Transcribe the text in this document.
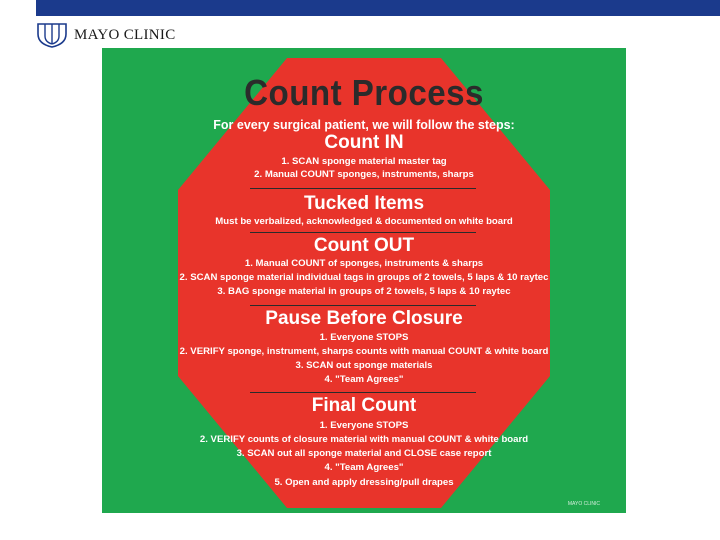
MAYO CLINIC
Count Process
For every surgical patient, we will follow the steps:
Count IN
1. SCAN sponge material master tag
2. Manual COUNT sponges, instruments, sharps
Tucked Items
Must be verbalized, acknowledged & documented on white board
Count OUT
1. Manual COUNT of sponges, instruments & sharps
2. SCAN sponge material individual tags in groups of 2 towels, 5 laps & 10 raytec
3. BAG sponge material in groups of 2 towels, 5 laps & 10 raytec
Pause Before Closure
1. Everyone STOPS
2. VERIFY sponge, instrument, sharps counts with manual COUNT & white board
3. SCAN out sponge materials
4. "Team Agrees"
Final Count
1. Everyone STOPS
2. VERIFY counts of closure material with manual COUNT & white board
3. SCAN out all sponge material and CLOSE case report
4. "Team Agrees"
5. Open and apply dressing/pull drapes
MAYO CLINIC
